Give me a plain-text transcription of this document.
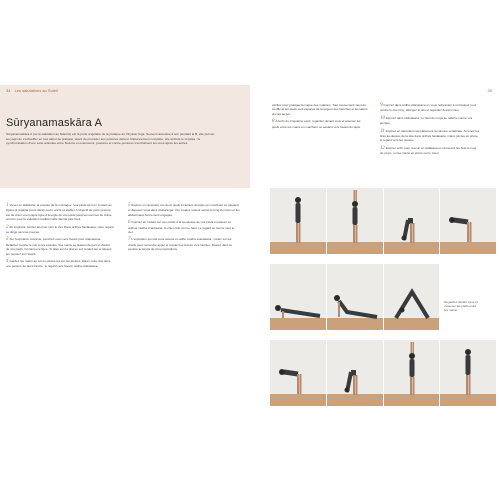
34 Les salutations au Soleil
Sūryanamaskāra A
Sūryanamaskāra A (ou la salutation au Soleil A) est la porte angulaire de la pratique du Vinyāsa Yoga. Souvent associée à son pendant le B, elle permet au yogin de s'échauffer en tout début de pratique, avant de procéder aux postures debout. Rationnement complète, elle articule le vinyāsa : la synchronisation d'une série articulée entre flexions et extensions, postures et contre-postures s'enchaînent les unes après les autres.

1Venez en tadāsana, la posture de la montagne. Vos pieds sont en contact au ligament répartis (vous dérap ouvre ancré et stable). L'objectif de votre posture est de créer une longue ligne d'énergie de vos pieds jusqu'au sommet du crâne, comme pour la salutation traditionnelle décrite plus haut.

2En inspirant, tendez les bras vers le ciel. Dans ūrdhva hastāsana, votre regard se dirige vers les pouces.

3Sur l'expiration suivante, penchez-vous vers l'avant pour uttanāsana. Relâchez la tête, le cou et les épaules. Vos mains se placent de part et d'autre de vos pieds, formant une ligne. Si elles sont à plat au sol, tendez-les et laissez-les reposer sur l'avant.

4Gardez les mains au sol ou placez-les sur les jambes. Étirez votre dos dans une posture de demi-flexion, le regard vers l'avant, ardha uttānāsana.

5Expirez en ramenant vos deux pieds à l'arrière du tapis (en marchant ou sautant) et déposez-vous dans chaturanga. Vos coudes restent serrés le long du corps et les abdominaux fermement engagés.

6Inspirez en roulant sur vos orteils à la souplesse de vos pieds et passez en ūrdhva mukha svanāsana, le chien tête vers le haut. Le regard se tourne vers le ciel.

7L'expiration qui suit vous amène en adho mukha svanāsana : roulez sur les orteils pour reprendre appui et reculez les fesses vers l'arrière. Restez dans la posture le temps de cinq respirations.

35

vérifiez pour protéger la nuque des rotations. Tout mouvement vient du souffle et les pieds sont espacés de la largeur des hanches et les talons ancrés au sol.

8À la fin du cinquième expir, regardez devant vous et amenez les pieds entre les mains en marchant ou sautant vers l'avant du tapis.

9Inspirez dans ardha uttānāsana en vous redressant à mi-hauteur pour rendre le dos long, allongez le dos et regardez devant vous.

10Expirez dans uttānāsana : le haut du corps se relâche contre vos jambes.

11Inspirez en déroulant complètement la colonne vertébrale. Amenez les bras au-dessus de la tête dans ūrdhva hastāsana, mains jointes en prière, le regard vers les pouces.

12Expirez enfin pour revenir en tadāsana en ramenant les bras le long du corps, ou les mains en prière sur le cœur.

Regardez devant vous et ramenez les pieds entre les mains.
